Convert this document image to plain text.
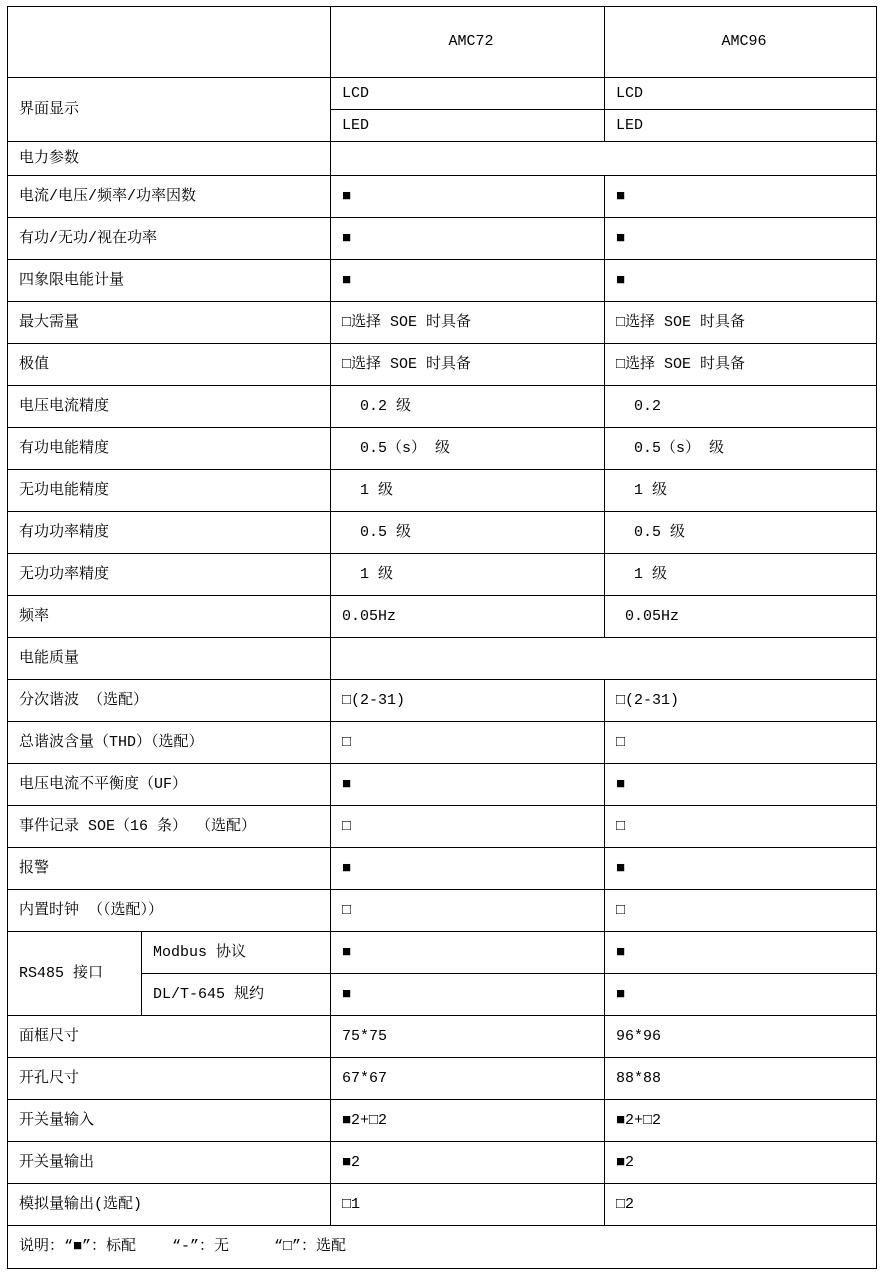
		AMC72	AMC96
界面显示		LCD	LCD
		LED	LED
电力参数			
电流/电压/频率/功率因数		■	■
有功/无功/视在功率		■	■
四象限电能计量		■	■
最大需量		□选择 SOE 时具备	□选择 SOE 时具备
极值		□选择 SOE 时具备	□选择 SOE 时具备
电压电流精度		0.2 级	0.2
有功电能精度		0.5（s） 级	0.5（s） 级
无功电能精度		1 级	1 级
有功功率精度		0.5 级	0.5 级
无功功率精度		1 级	1 级
频率		0.05Hz	0.05Hz
电能质量			
分次谐波 （选配）		□(2-31)	□(2-31)
总谐波含量（THD）（选配）		□	□
电压电流不平衡度（UF）		■	■
事件记录 SOE（16 条） （选配）		□	□
报警		■	■
内置时钟 （（选配））		□	□
RS485 接口	Modbus 协议	■	■
	DL/T-645 规约	■	■
面框尺寸		75*75	96*96
开孔尺寸		67*67	88*88
开关量输入		■2+□2	■2+□2
开关量输出		■2	■2
模拟量输出(选配)		□1	□2
说明：“■”：标配    “-”：无     “□”：选配			
